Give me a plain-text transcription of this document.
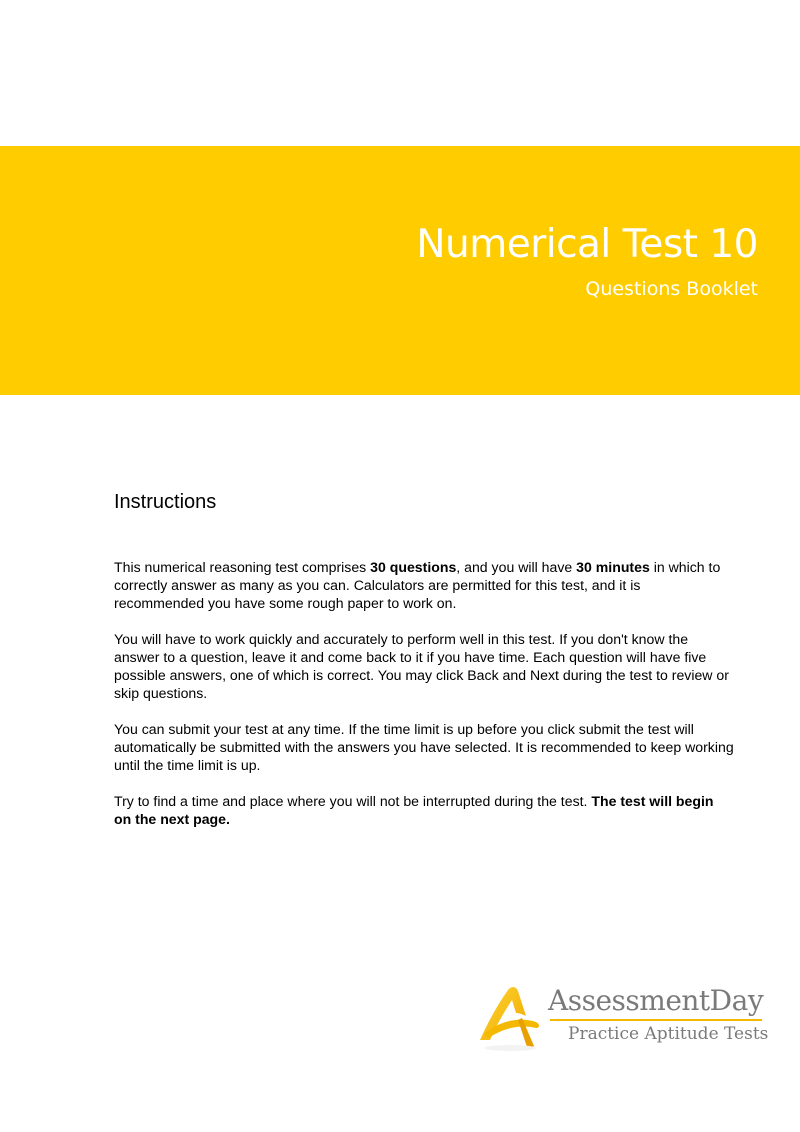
Numerical Test 10
Questions Booklet
Instructions

This numerical reasoning test comprises 30 questions, and you will have 30 minutes in which to correctly answer as many as you can. Calculators are permitted for this test, and it is recommended you have some rough paper to work on.

You will have to work quickly and accurately to perform well in this test. If you don't know the answer to a question, leave it and come back to it if you have time. Each question will have five possible answers, one of which is correct. You may click Back and Next during the test to review or skip questions.

You can submit your test at any time. If the time limit is up before you click submit the test will automatically be submitted with the answers you have selected. It is recommended to keep working until the time limit is up.

Try to find a time and place where you will not be interrupted during the test. The test will begin on the next page.

AssessmentDay
Practice Aptitude Tests
